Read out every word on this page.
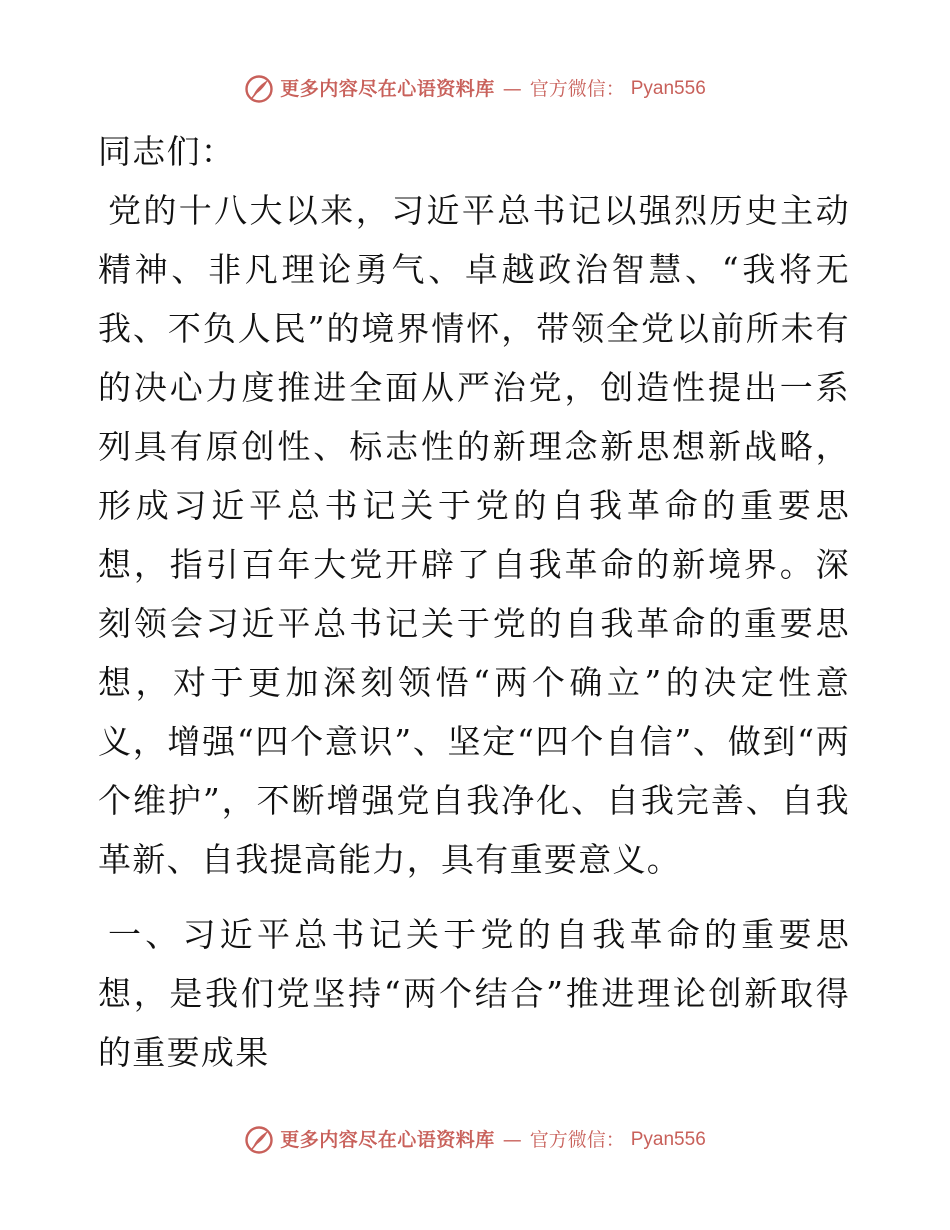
更多内容尽在心语资料库 — 官方微信： Pyan556

同志们：

党的十八大以来，习近平总书记以强烈历史主动精神、非凡理论勇气、卓越政治智慧、“我将无我、不负人民”的境界情怀，带领全党以前所未有的决心力度推进全面从严治党，创造性提出一系列具有原创性、标志性的新理念新思想新战略，形成习近平总书记关于党的自我革命的重要思想，指引百年大党开辟了自我革命的新境界。深刻领会习近平总书记关于党的自我革命的重要思想，对于更加深刻领悟“两个确立”的决定性意义，增强“四个意识”、坚定“四个自信”、做到“两个维护”，不断增强党自我净化、自我完善、自我革新、自我提高能力，具有重要意义。

一、习近平总书记关于党的自我革命的重要思想，是我们党坚持“两个结合”推进理论创新取得的重要成果

更多内容尽在心语资料库 — 官方微信： Pyan556
